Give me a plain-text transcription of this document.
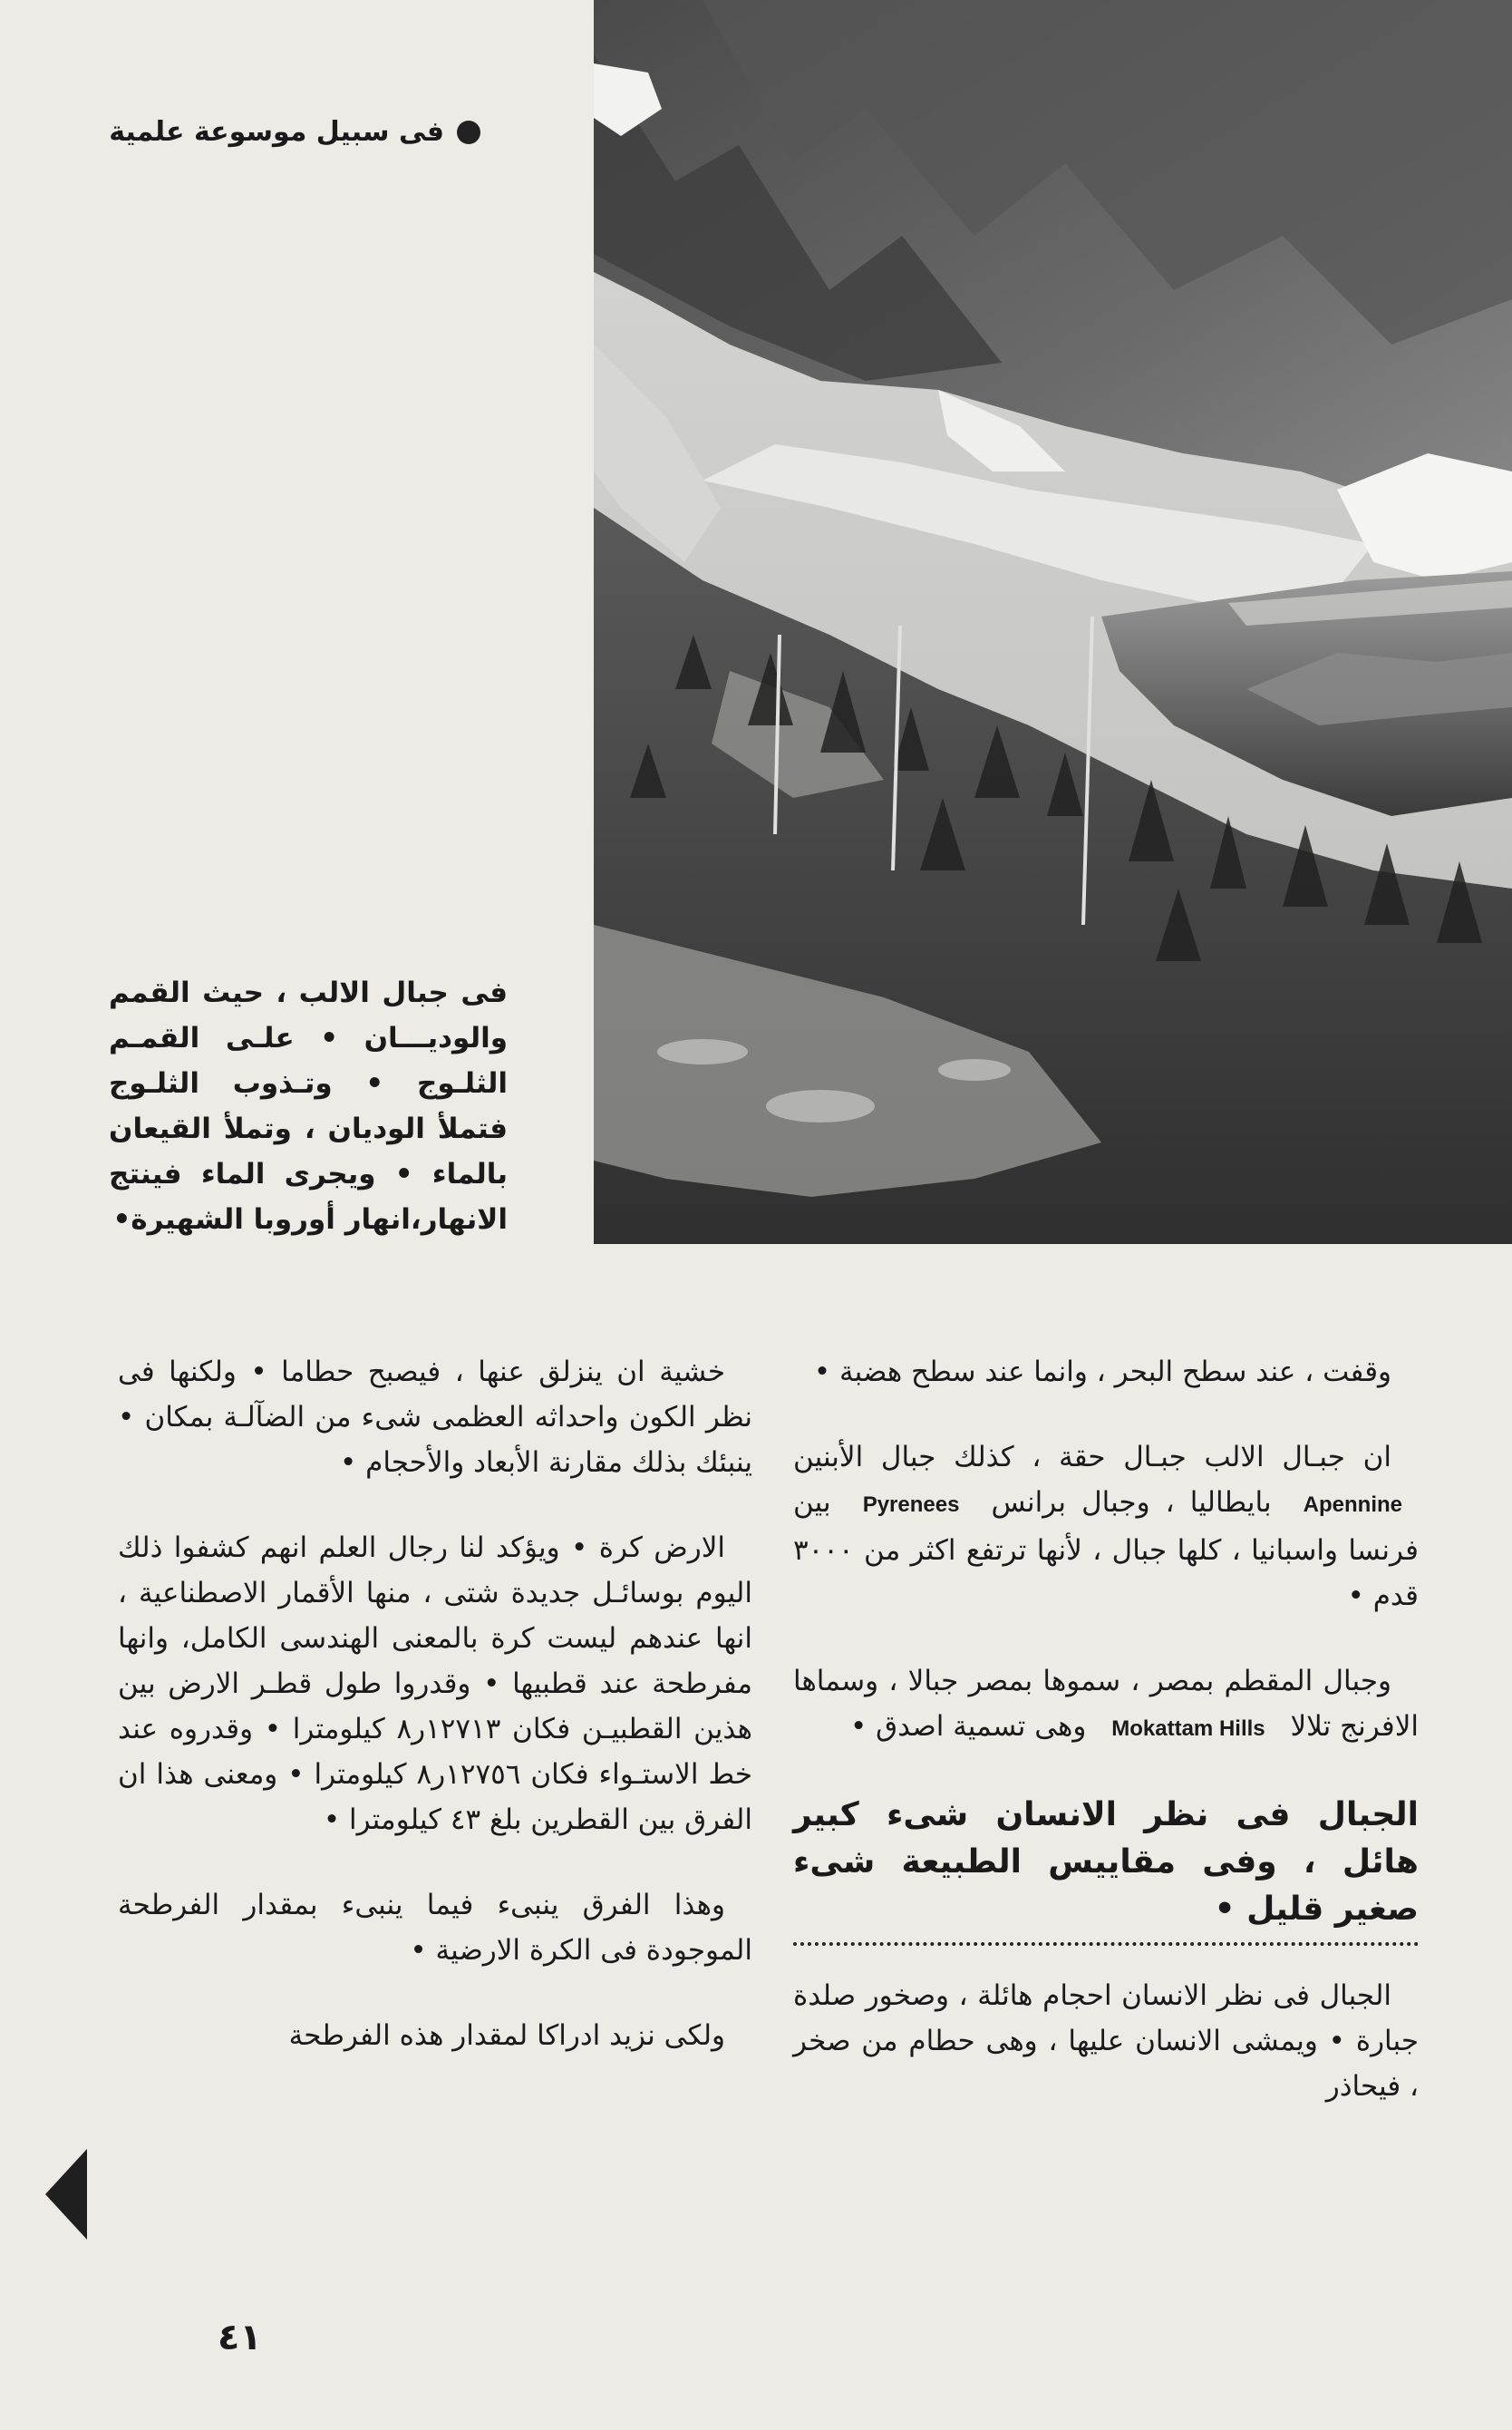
فى سبيل موسوعة علمية
فى جبال الالب ، حيث القمم والوديـــان • علـى القمـم الثلـوج • وتـذوب الثلـوج فتملأ الوديان ، وتملأ القيعان بالماء • ويجرى الماء فينتج الانهار،انهار أوروبا الشهيرة•

وقفت ، عند سطح البحر ، وانما عند سطح هضبة •

ان جبـال الالب جبـال حقة ، كذلك جبال الأبنين Apennine بايطاليا ، وجبال برانس Pyrenees بين فرنسا واسبانيا ، كلها جبال ، لأنها ترتفع اكثر من ٣٠٠٠ قدم •

وجبال المقطم بمصر ، سموها بمصر جبالا ، وسماها الافرنج تلالا Mokattam Hills وهى تسمية اصدق •

الجبال فى نظر الانسان شىء كبير هائل ، وفى مقاييس الطبيعة شىء صغير قليل •

الجبال فى نظر الانسان احجام هائلة ، وصخور صلدة جبارة • ويمشى الانسان عليها ، وهى حطام من صخر ، فيحاذر

خشية ان ينزلق عنها ، فيصبح حطاما • ولكنها فى نظر الكون واحداثه العظمى شىء من الضآلـة بمكان • ينبئك بذلك مقارنة الأبعاد والأحجام •

الارض كرة • ويؤكد لنا رجال العلم انهم كشفوا ذلك اليوم بوسائـل جديدة شتى ، منها الأقمار الاصطناعية ، انها عندهم ليست كرة بالمعنى الهندسى الكامل، وانها مفرطحة عند قطبيها • وقدروا طول قطـر الارض بين هذين القطبيـن فكان ١٢٧١٣ر٨ كيلومترا • وقدروه عند خط الاستـواء فكان ١٢٧٥٦ر٨ كيلومترا • ومعنى هذا ان الفرق بين القطرين بلغ ٤٣ كيلومترا •

وهذا الفرق ينبىء فيما ينبىء بمقدار الفرطحة الموجودة فى الكرة الارضية •

ولكى نزيد ادراكا لمقدار هذه الفرطحة

٤١
